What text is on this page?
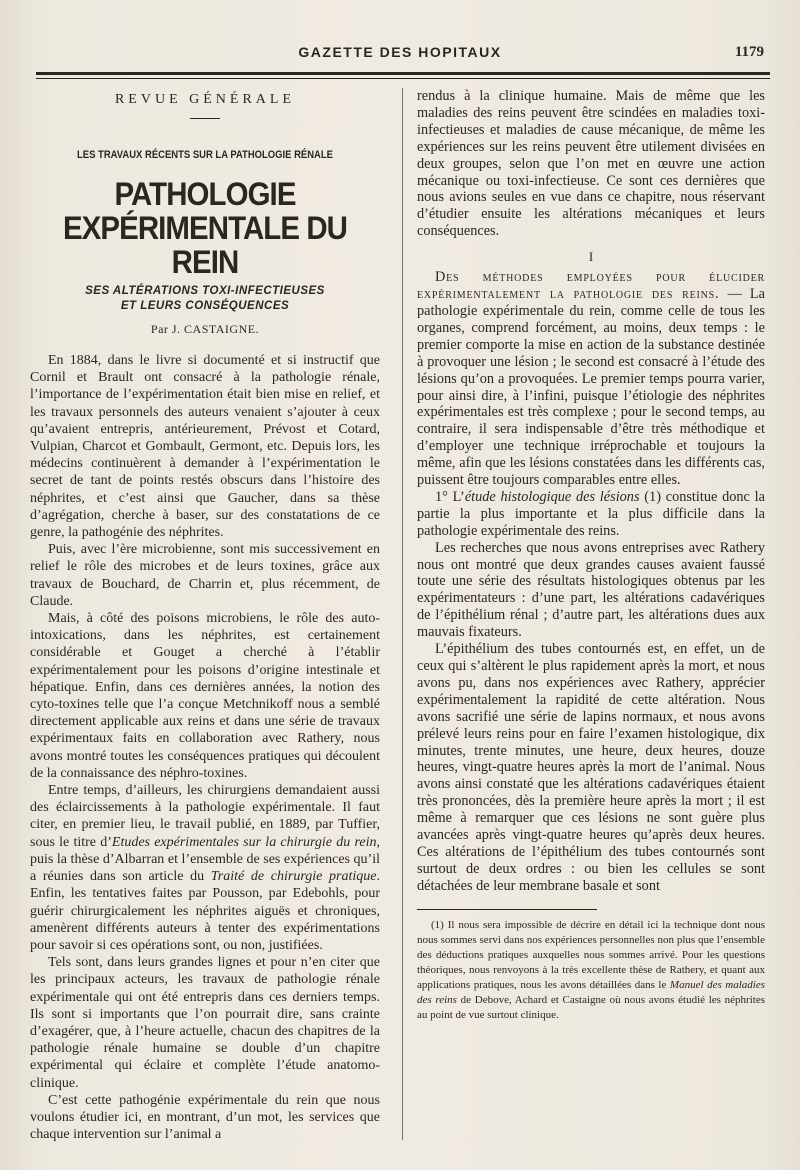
GAZETTE DES HOPITAUX	1179
REVUE GÉNÉRALE
LES TRAVAUX RÉCENTS SUR LA PATHOLOGIE RÉNALE
PATHOLOGIE EXPÉRIMENTALE DU REIN
SES ALTÉRATIONS TOXI-INFECTIEUSES
ET LEURS CONSÉQUENCES
Par J. CASTAIGNE.

En 1884, dans le livre si documenté et si instructif que Cornil et Brault ont consacré à la pathologie rénale, l’importance de l’expérimentation était bien mise en relief, et les travaux personnels des auteurs venaient s’ajouter à ceux qu’avaient entrepris, antérieurement, Prévost et Cotard, Vulpian, Charcot et Gombault, Germont, etc. Depuis lors, les médecins continuèrent à demander à l’expérimentation le secret de tant de points restés obscurs dans l’histoire des néphrites, et c’est ainsi que Gaucher, dans sa thèse d’agrégation, cherche à baser, sur des constatations de ce genre, la pathogénie des néphrites.

Puis, avec l’ère microbienne, sont mis successivement en relief le rôle des microbes et de leurs toxines, grâce aux travaux de Bouchard, de Charrin et, plus récemment, de Claude.

Mais, à côté des poisons microbiens, le rôle des auto-intoxications, dans les néphrites, est certainement considérable et Gouget a cherché à l’établir expérimentalement pour les poisons d’origine intestinale et hépatique. Enfin, dans ces dernières années, la notion des cyto-toxines telle que l’a conçue Metchnikoff nous a semblé directement applicable aux reins et dans une série de travaux expérimentaux faits en collaboration avec Rathery, nous avons montré toutes les conséquences pratiques qui découlent de la connaissance des néphro-toxines.

Entre temps, d’ailleurs, les chirurgiens demandaient aussi des éclaircissements à la pathologie expérimentale. Il faut citer, en premier lieu, le travail publié, en 1889, par Tuffier, sous le titre d’Etudes expérimentales sur la chirurgie du rein, puis la thèse d’Albarran et l’ensemble de ses expériences qu’il a réunies dans son article du Traité de chirurgie pratique. Enfin, les tentatives faites par Pousson, par Edebohls, pour guérir chirurgicalement les néphrites aiguës et chroniques, amenèrent différents auteurs à tenter des expérimentations pour savoir si ces opérations sont, ou non, justifiées.

Tels sont, dans leurs grandes lignes et pour n’en citer que les principaux acteurs, les travaux de pathologie rénale expérimentale qui ont été entrepris dans ces derniers temps. Ils sont si importants que l’on pourrait dire, sans crainte d’exagérer, que, à l’heure actuelle, chacun des chapitres de la pathologie rénale humaine se double d’un chapitre expérimental qui éclaire et complète l’étude anatomo-clinique.

C’est cette pathogénie expérimentale du rein que nous voulons étudier ici, en montrant, d’un mot, les services que chaque intervention sur l’animal a

rendus à la clinique humaine. Mais de même que les maladies des reins peuvent être scindées en maladies toxi-infectieuses et maladies de cause mécanique, de même les expériences sur les reins peuvent être utilement divisées en deux groupes, selon que l’on met en œuvre une action mécanique ou toxi-infectieuse. Ce sont ces dernières que nous avions seules en vue dans ce chapitre, nous réservant d’étudier ensuite les altérations mécaniques et leurs conséquences.

I

Des méthodes employées pour élucider expérimentalement la pathologie des reins. — La pathologie expérimentale du rein, comme celle de tous les organes, comprend forcément, au moins, deux temps : le premier comporte la mise en action de la substance destinée à provoquer une lésion ; le second est consacré à l’étude des lésions qu’on a provoquées. Le premier temps pourra varier, pour ainsi dire, à l’infini, puisque l’étiologie des néphrites expérimentales est très complexe ; pour le second temps, au contraire, il sera indispensable d’être très méthodique et d’employer une technique irréprochable et toujours la même, afin que les lésions constatées dans les différents cas, puissent être toujours comparables entre elles.

1° L’étude histologique des lésions (1) constitue donc la partie la plus importante et la plus difficile dans la pathologie expérimentale des reins.

Les recherches que nous avons entreprises avec Rathery nous ont montré que deux grandes causes avaient faussé toute une série des résultats histologiques obtenus par les expérimentateurs : d’une part, les altérations cadavériques de l’épithélium rénal ; d’autre part, les altérations dues aux mauvais fixateurs.

L’épithélium des tubes contournés est, en effet, un de ceux qui s’altèrent le plus rapidement après la mort, et nous avons pu, dans nos expériences avec Rathery, apprécier expérimentalement la rapidité de cette altération. Nous avons sacrifié une série de lapins normaux, et nous avons prélevé leurs reins pour en faire l’examen histologique, dix minutes, trente minutes, une heure, deux heures, douze heures, vingt-quatre heures après la mort de l’animal. Nous avons ainsi constaté que les altérations cadavériques étaient très prononcées, dès la première heure après la mort ; il est même à remarquer que ces lésions ne sont guère plus avancées après vingt-quatre heures qu’après deux heures. Ces altérations de l’épithélium des tubes contournés sont surtout de deux ordres : ou bien les cellules se sont détachées de leur membrane basale et sont

(1) Il nous sera impossible de décrire en détail ici la technique dont nous nous sommes servi dans nos expériences personnelles non plus que l’ensemble des déductions pratiques auxquelles nous sommes arrivé. Pour les questions théoriques, nous renvoyons à la très excellente thèse de Rathery, et quant aux applications pratiques, nous les avons détaillées dans le Manuel des maladies des reins de Debove, Achard et Castaigne où nous avons étudié les néphrites au point de vue surtout clinique.
